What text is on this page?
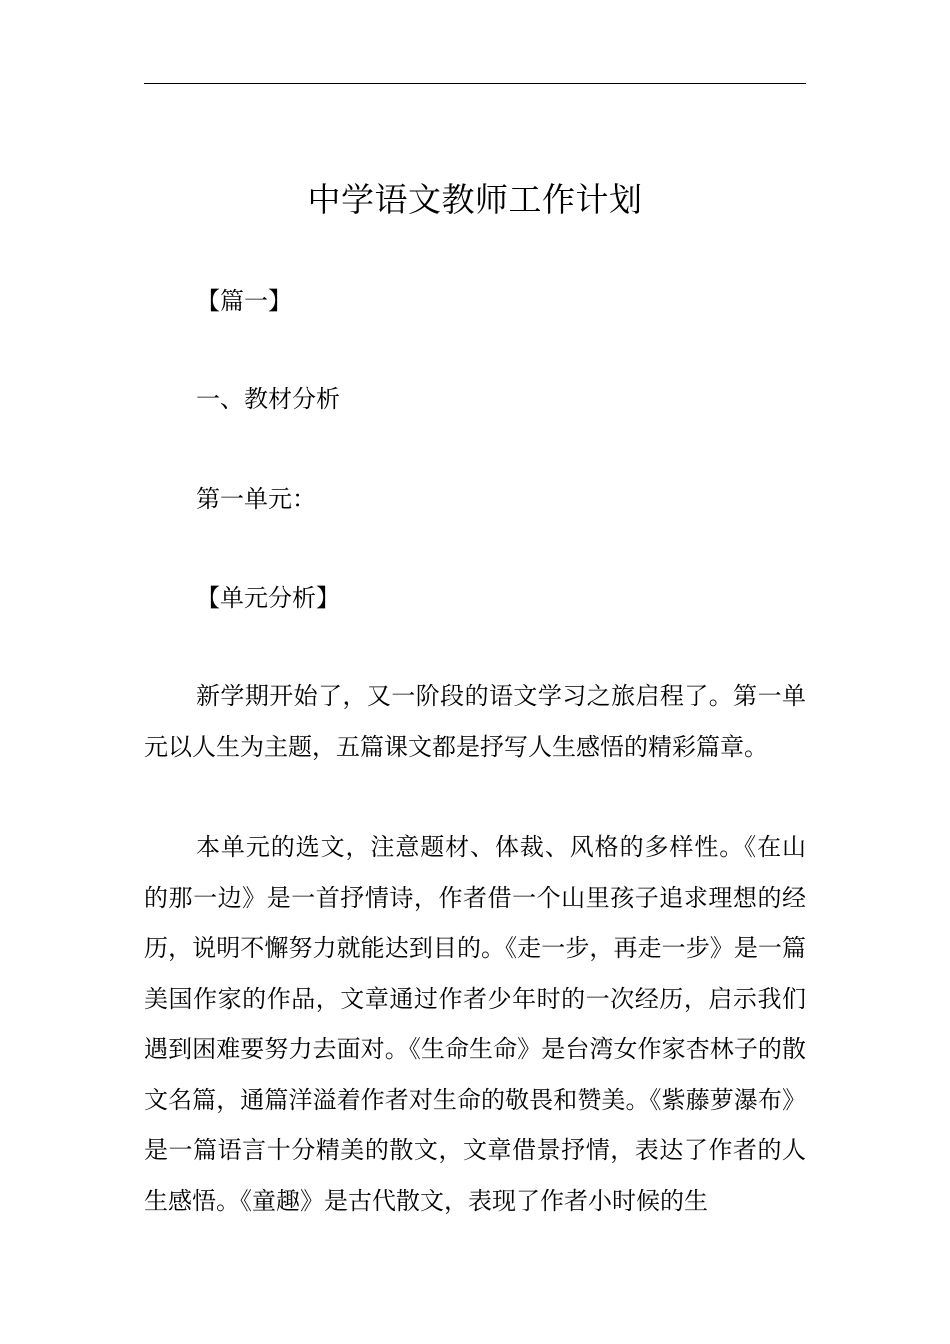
中学语文教师工作计划

【篇一】

一、教材分析

第一单元：

【单元分析】

新学期开始了，又一阶段的语文学习之旅启程了。第一单元以人生为主题，五篇课文都是抒写人生感悟的精彩篇章。

本单元的选文，注意题材、体裁、风格的多样性。《在山的那一边》是一首抒情诗，作者借一个山里孩子追求理想的经历，说明不懈努力就能达到目的。《走一步，再走一步》是一篇美国作家的作品，文章通过作者少年时的一次经历，启示我们遇到困难要努力去面对。《生命生命》是台湾女作家杏林子的散文名篇，通篇洋溢着作者对生命的敬畏和赞美。《紫藤萝瀑布》是一篇语言十分精美的散文，文章借景抒情，表达了作者的人生感悟。《童趣》是古代散文，表现了作者小时候的生
